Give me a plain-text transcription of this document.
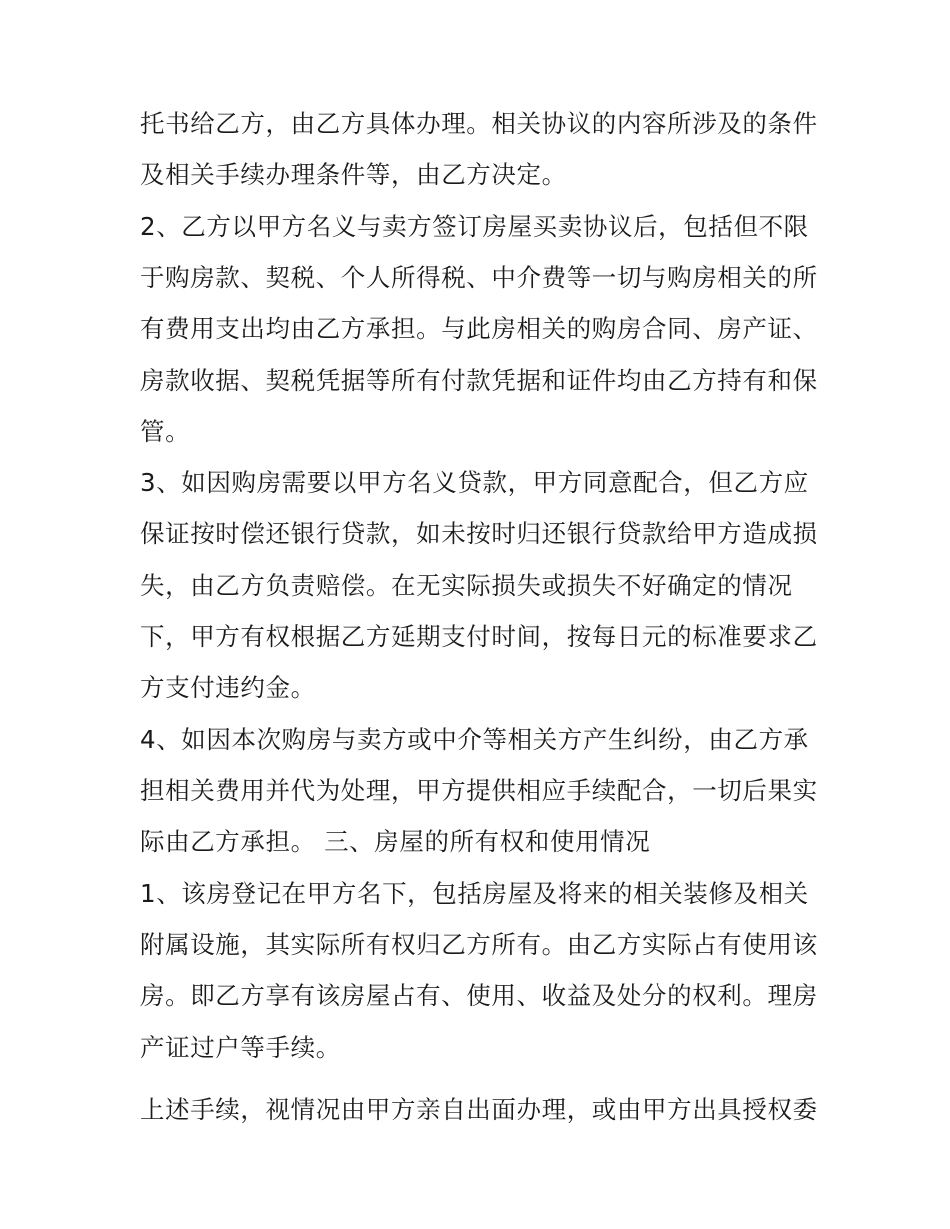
托书给乙方，由乙方具体办理。相关协议的内容所涉及的条件
及相关手续办理条件等，由乙方决定。
2、乙方以甲方名义与卖方签订房屋买卖协议后，包括但不限
于购房款、契税、个人所得税、中介费等一切与购房相关的所
有费用支出均由乙方承担。与此房相关的购房合同、房产证、
房款收据、契税凭据等所有付款凭据和证件均由乙方持有和保
管。
3、如因购房需要以甲方名义贷款，甲方同意配合，但乙方应
保证按时偿还银行贷款，如未按时归还银行贷款给甲方造成损
失，由乙方负责赔偿。在无实际损失或损失不好确定的情况
下，甲方有权根据乙方延期支付时间，按每日元的标准要求乙
方支付违约金。
4、如因本次购房与卖方或中介等相关方产生纠纷，由乙方承
担相关费用并代为处理，甲方提供相应手续配合，一切后果实
际由乙方承担。 三、房屋的所有权和使用情况
1、该房登记在甲方名下，包括房屋及将来的相关装修及相关
附属设施，其实际所有权归乙方所有。由乙方实际占有使用该
房。即乙方享有该房屋占有、使用、收益及处分的权利。理房
产证过户等手续。
上述手续，视情况由甲方亲自出面办理，或由甲方出具授权委
